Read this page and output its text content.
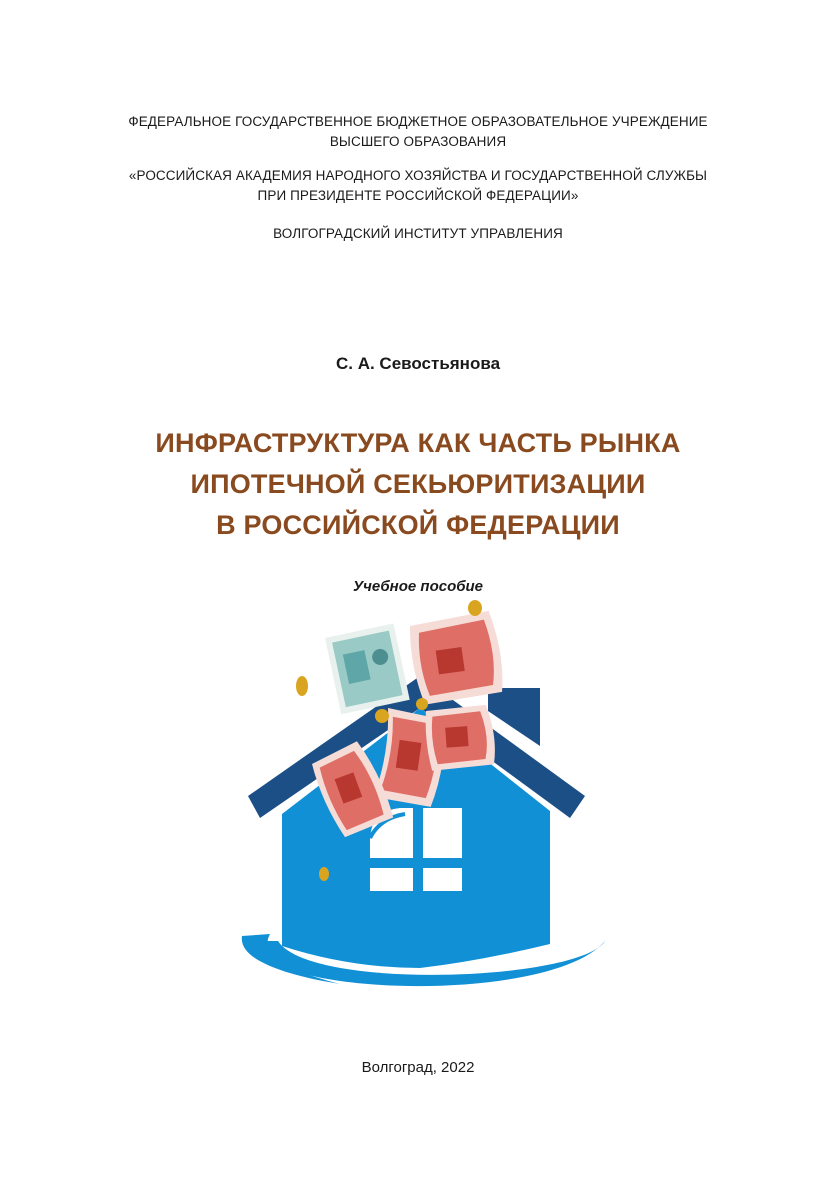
ФЕДЕРАЛЬНОЕ ГОСУДАРСТВЕННОЕ БЮДЖЕТНОЕ ОБРАЗОВАТЕЛЬНОЕ УЧРЕЖДЕНИЕ
ВЫСШЕГО ОБРАЗОВАНИЯ
«РОССИЙСКАЯ АКАДЕМИЯ НАРОДНОГО ХОЗЯЙСТВА И ГОСУДАРСТВЕННОЙ СЛУЖБЫ
ПРИ ПРЕЗИДЕНТЕ РОССИЙСКОЙ ФЕДЕРАЦИИ»
ВОЛГОГРАДСКИЙ ИНСТИТУТ УПРАВЛЕНИЯ
С. А. Севостьянова
ИНФРАСТРУКТУРА КАК ЧАСТЬ РЫНКА
ИПОТЕЧНОЙ СЕКЬЮРИТИЗАЦИИ
В РОССИЙСКОЙ ФЕДЕРАЦИИ
Учебное пособие
Волгоград, 2022
